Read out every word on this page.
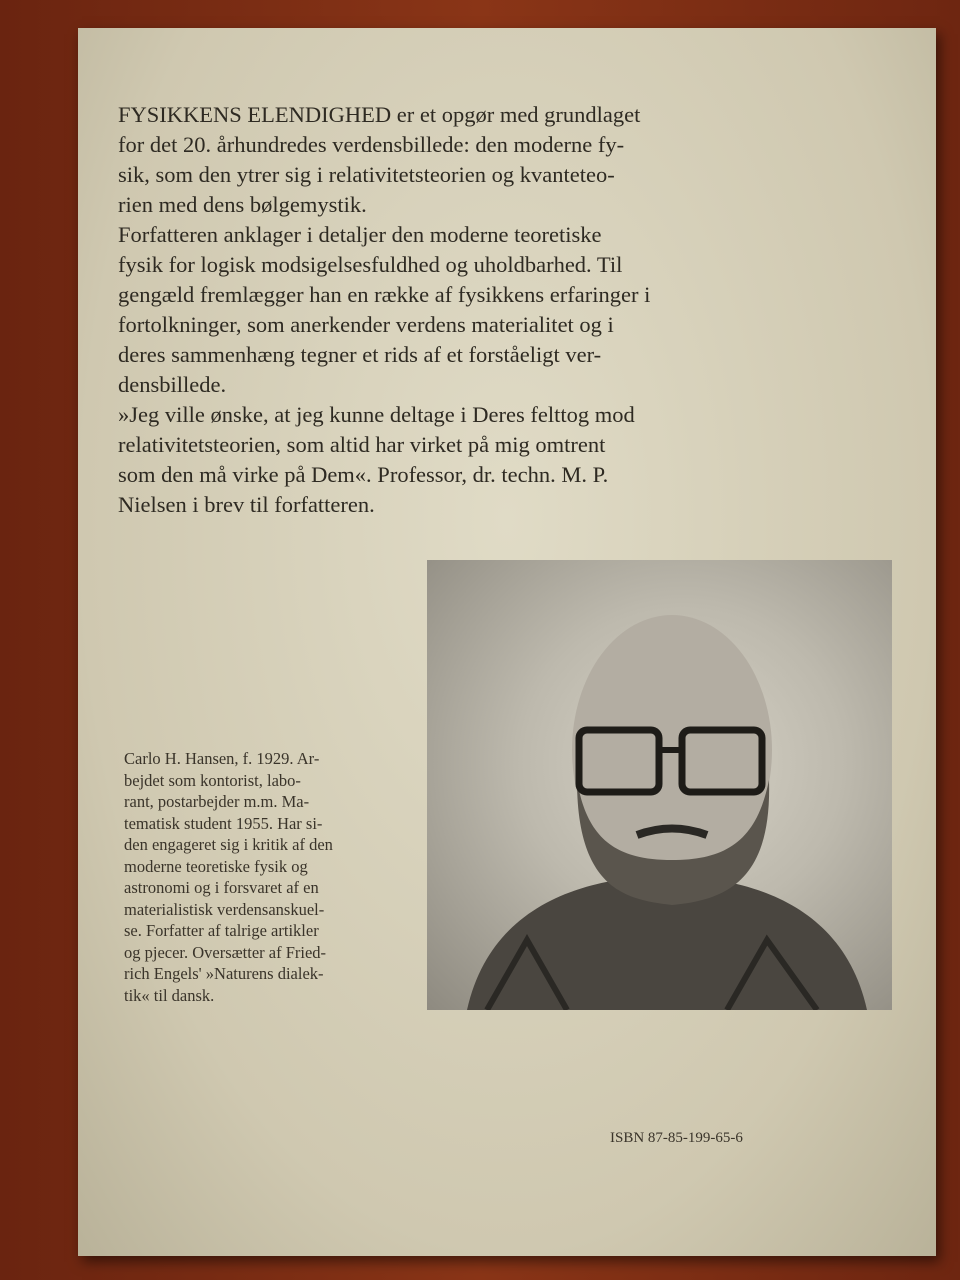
FYSIKKENS ELENDIGHED er et opgør med grundlaget
for det 20. århundredes verdensbillede: den moderne fy-
sik, som den ytrer sig i relativitetsteorien og kvanteteo-
rien med dens bølgemystik.
Forfatteren anklager i detaljer den moderne teoretiske
fysik for logisk modsigelsesfuldhed og uholdbarhed. Til
gengæld fremlægger han en række af fysikkens erfaringer i
fortolkninger, som anerkender verdens materialitet og i
deres sammenhæng tegner et rids af et forståeligt ver-
densbillede.
»Jeg ville ønske, at jeg kunne deltage i Deres felttog mod
relativitetsteorien, som altid har virket på mig omtrent
som den må virke på Dem«. Professor, dr. techn. M. P.
Nielsen i brev til forfatteren.
Carlo H. Hansen, f. 1929. Ar-
bejdet som kontorist, labo-
rant, postarbejder m.m. Ma-
tematisk student 1955. Har si-
den engageret sig i kritik af den
moderne teoretiske fysik og
astronomi og i forsvaret af en
materialistisk verdensanskuel-
se. Forfatter af talrige artikler
og pjecer. Oversætter af Fried-
rich Engels' »Naturens dialek-
tik« til dansk.
ISBN 87-85-199-65-6
